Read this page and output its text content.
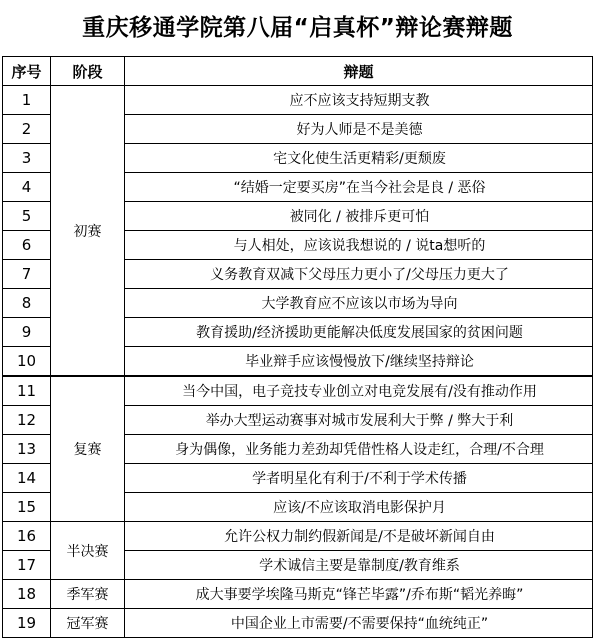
重庆移通学院第八届“启真杯”辩论赛辩题
序号	阶段	辩题
1	初赛	应不应该支持短期支教
2		好为人师是不是美德
3		宅文化使生活更精彩/更颓废
4		“结婚一定要买房”在当今社会是良 / 恶俗
5		被同化 / 被排斥更可怕
6		与人相处，应该说我想说的 / 说ta想听的
7		义务教育双减下父母压力更小了/父母压力更大了
8		大学教育应不应该以市场为导向
9		教育援助/经济援助更能解决低度发展国家的贫困问题
10		毕业辩手应该慢慢放下/继续坚持辩论
11	复赛	当今中国，电子竞技专业创立对电竞发展有/没有推动作用
12		举办大型运动赛事对城市发展利大于弊 / 弊大于利
13		身为偶像，业务能力差劲却凭借性格人设走红，合理/不合理
14		学者明星化有利于/不利于学术传播
15		应该/不应该取消电影保护月
16	半决赛	允许公权力制约假新闻是/不是破坏新闻自由
17		学术诚信主要是靠制度/教育维系
18	季军赛	成大事要学埃隆马斯克“锋芒毕露”/乔布斯“韬光养晦”
19	冠军赛	中国企业上市需要/不需要保持“血统纯正”
